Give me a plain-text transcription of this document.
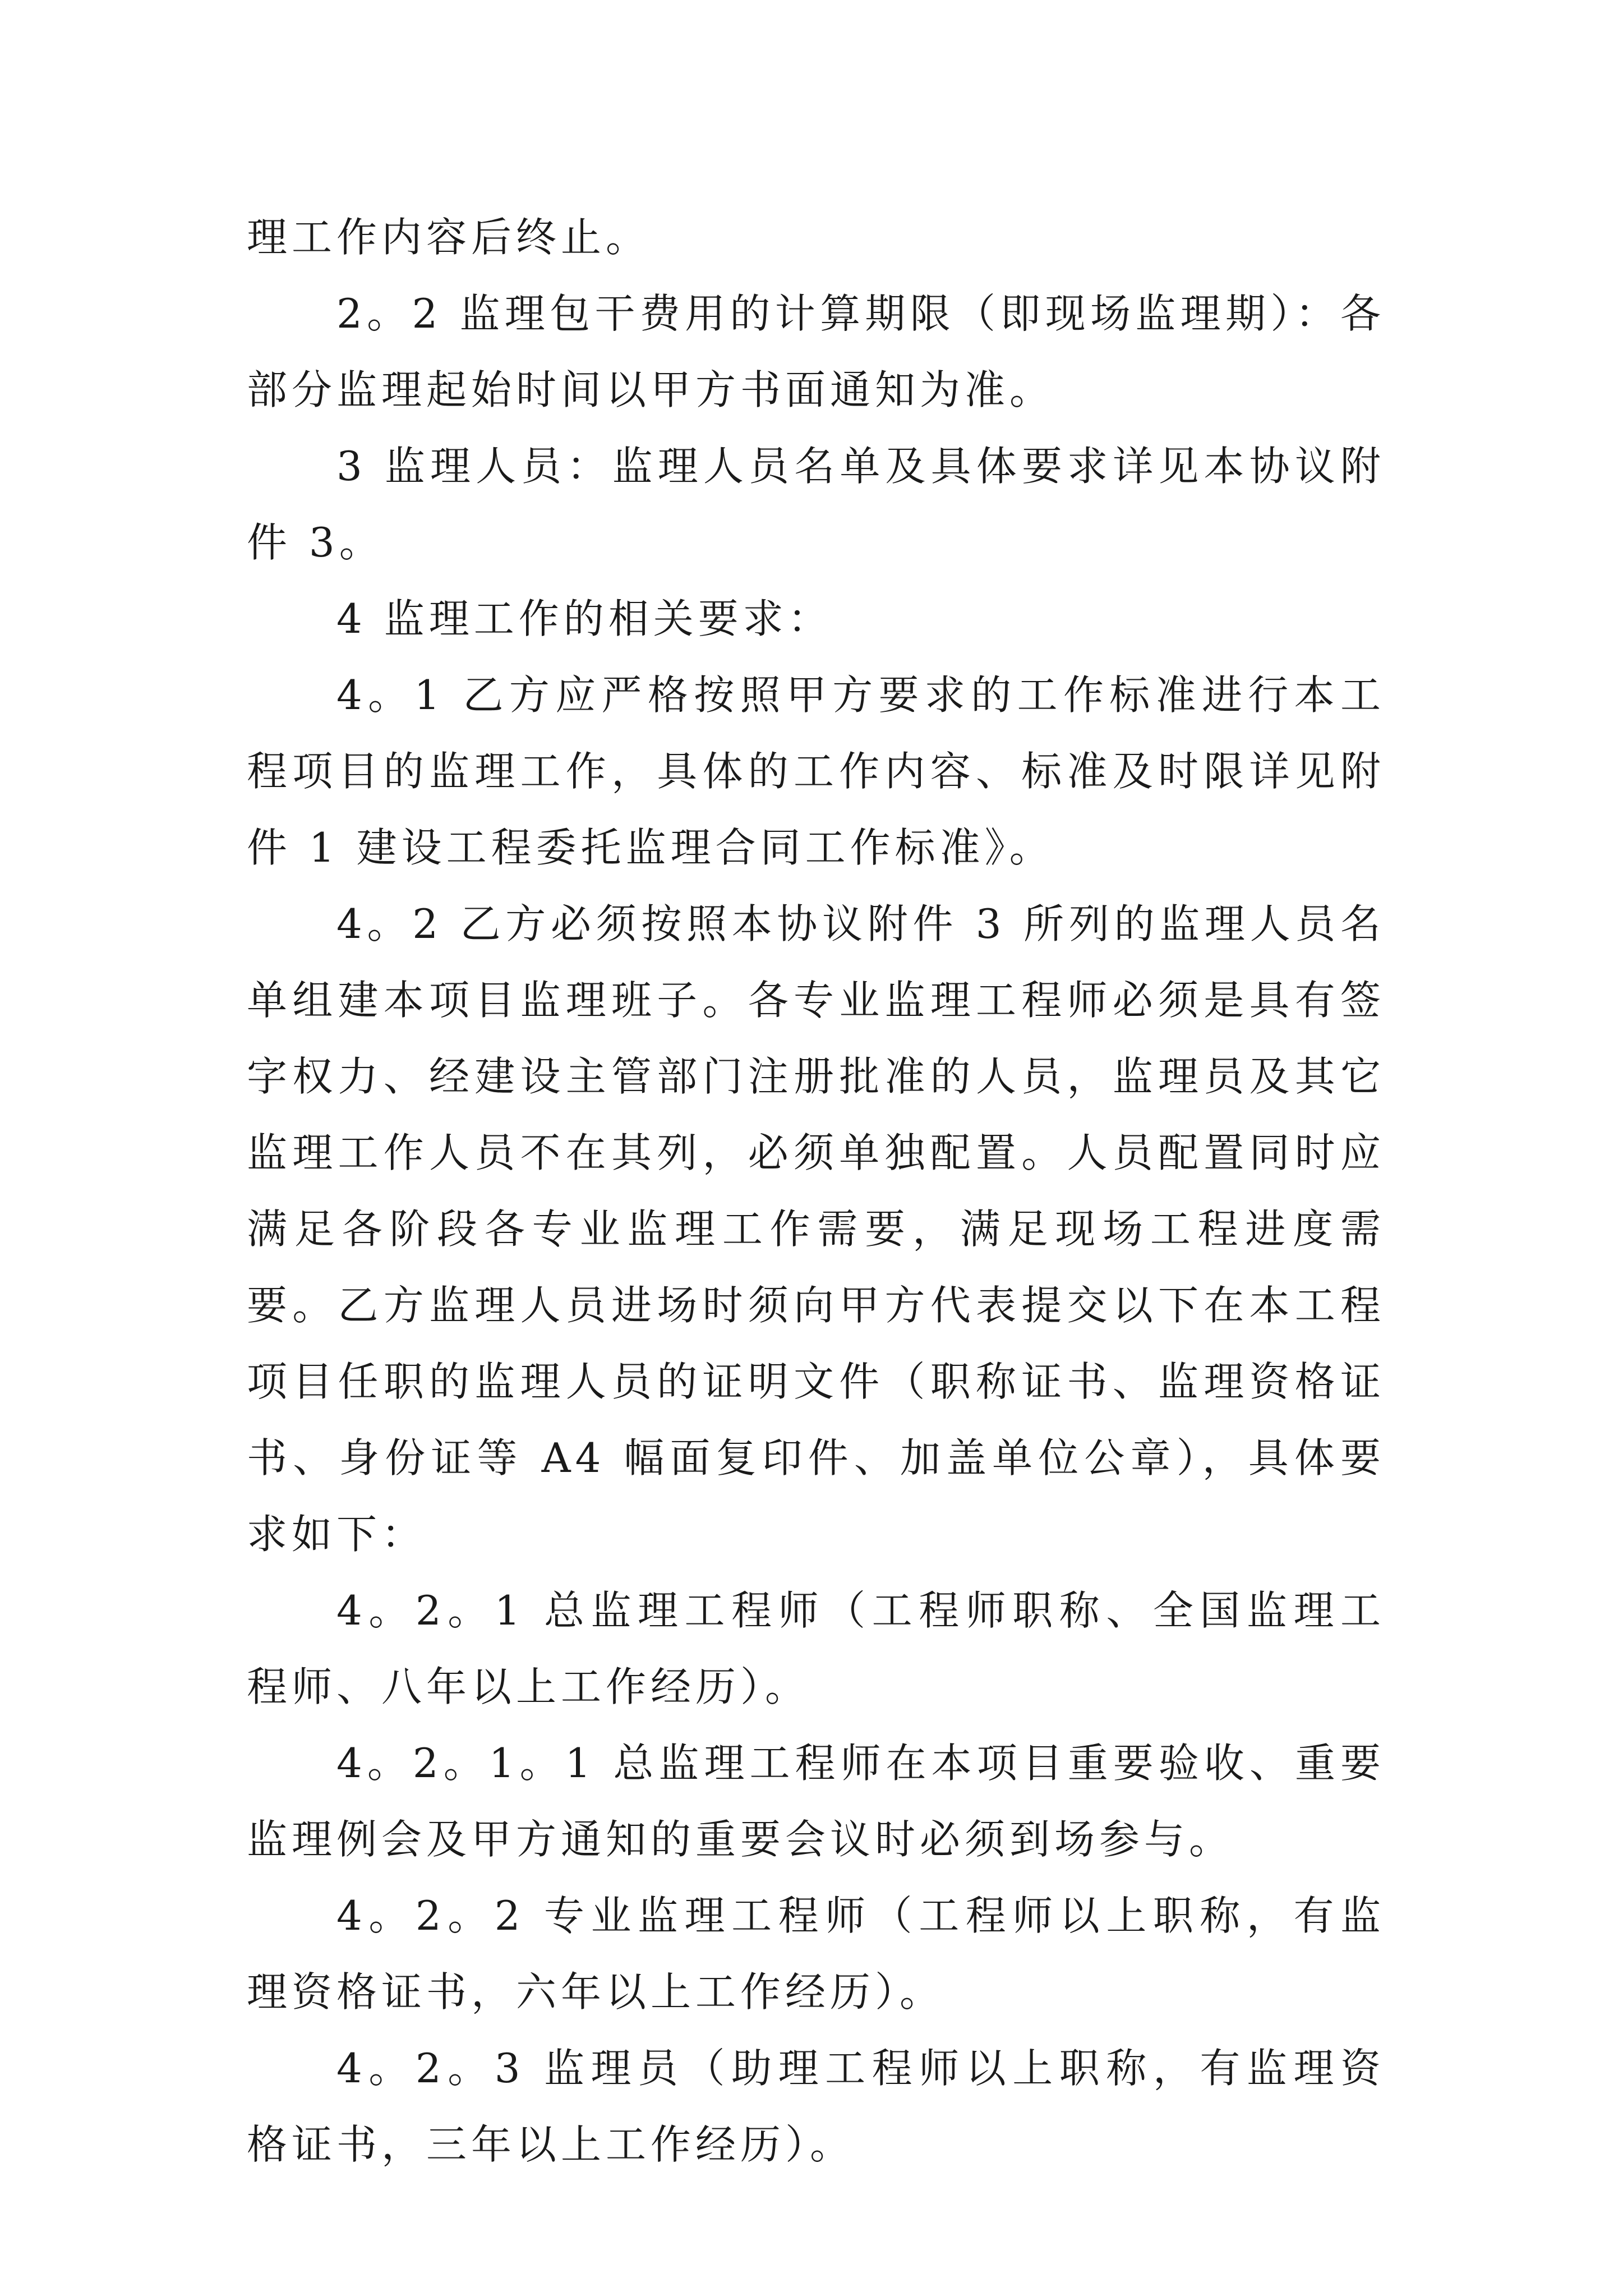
理工作内容后终止。

2。2 监理包干费用的计算期限（即现场监理期）：各部分监理起始时间以甲方书面通知为准。

3 监理人员：监理人员名单及具体要求详见本协议附件 3。

4 监理工作的相关要求：

4。1 乙方应严格按照甲方要求的工作标准进行本工程项目的监理工作，具体的工作内容、标准及时限详见附件 1 建设工程委托监理合同工作标准》。

4。2 乙方必须按照本协议附件 3 所列的监理人员名单组建本项目监理班子。各专业监理工程师必须是具有签字权力、经建设主管部门注册批准的人员，监理员及其它监理工作人员不在其列，必须单独配置。人员配置同时应满足各阶段各专业监理工作需要，满足现场工程进度需要。乙方监理人员进场时须向甲方代表提交以下在本工程项目任职的监理人员的证明文件（职称证书、监理资格证书、身份证等 A4 幅面复印件、加盖单位公章），具体要求如下：

4。2。1 总监理工程师（工程师职称、全国监理工程师、八年以上工作经历）。

4。2。1。1 总监理工程师在本项目重要验收、重要监理例会及甲方通知的重要会议时必须到场参与。

4。2。2 专业监理工程师（工程师以上职称，有监理资格证书，六年以上工作经历）。

4。2。3 监理员（助理工程师以上职称，有监理资格证书，三年以上工作经历）。
